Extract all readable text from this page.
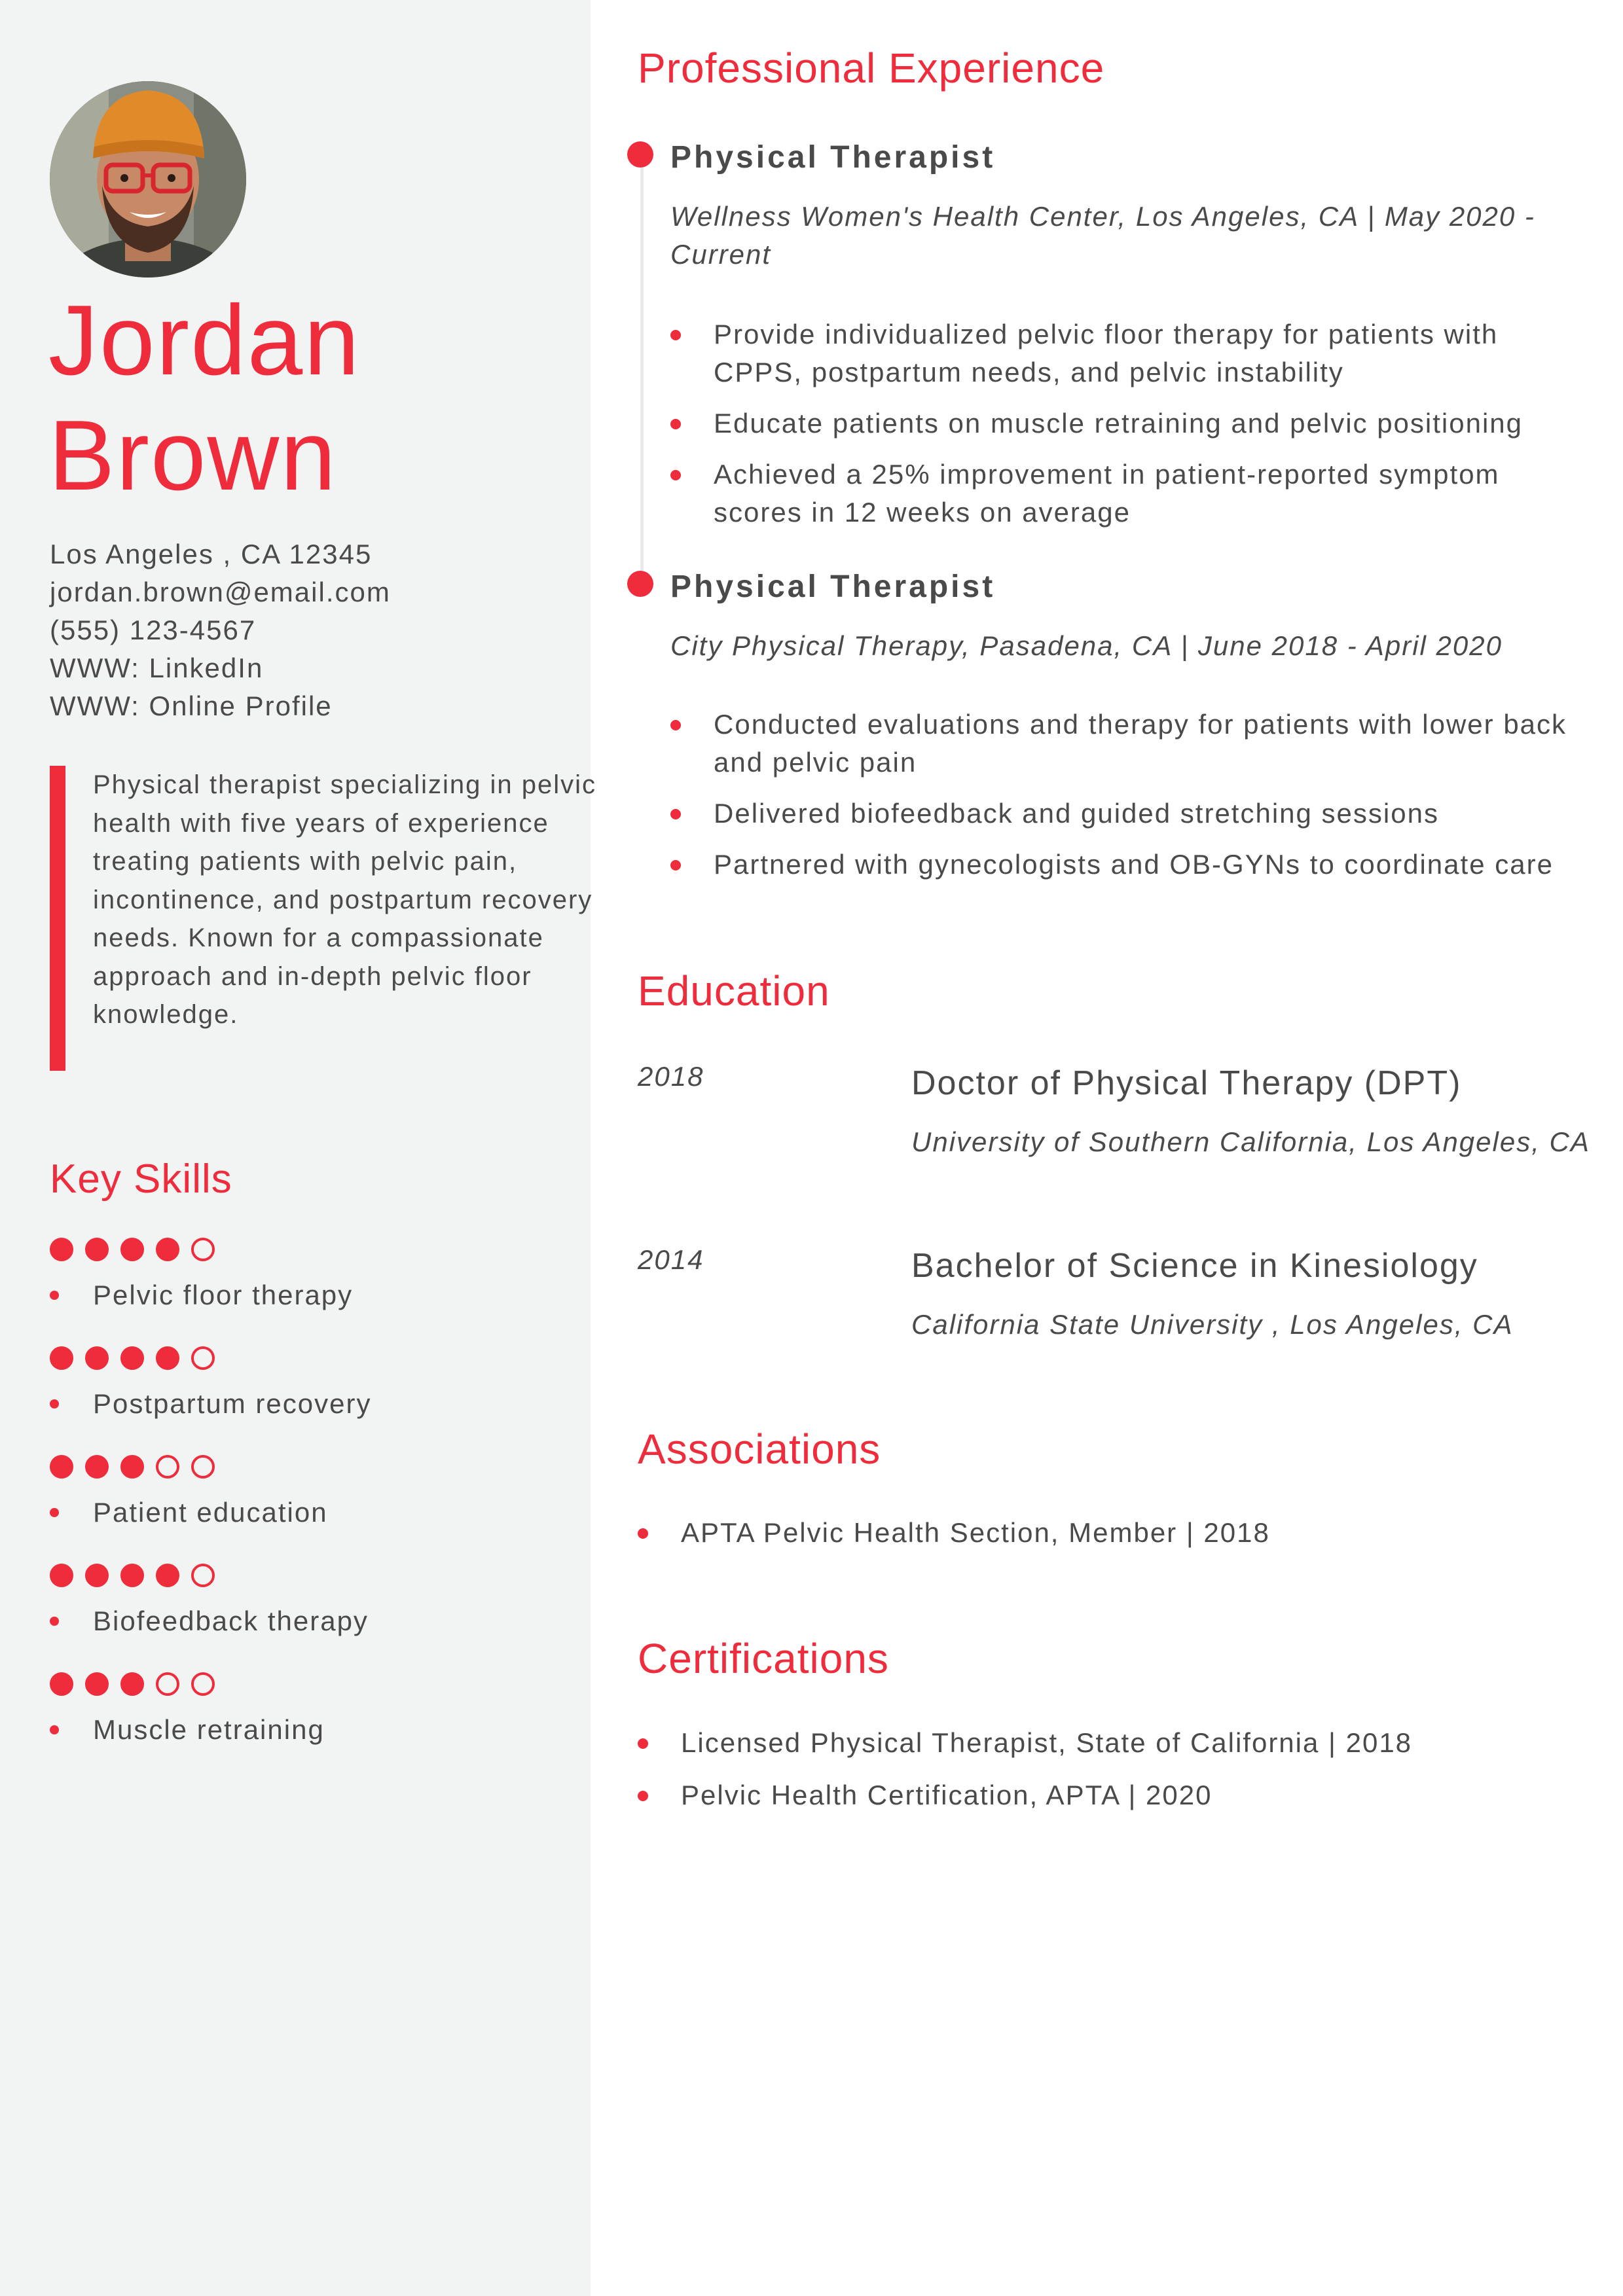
Jordan
Brown
Los Angeles , CA 12345
jordan.brown@email.com
(555) 123-4567
WWW: LinkedIn
WWW: Online Profile
Physical therapist specializing in pelvic health with five years of experience treating patients with pelvic pain, incontinence, and postpartum recovery needs. Known for a compassionate approach and in-depth pelvic floor knowledge.
Key Skills
Pelvic floor therapy
Postpartum recovery
Patient education
Biofeedback therapy
Muscle retraining
Professional Experience
Physical Therapist
Wellness Women's Health Center, Los Angeles, CA | May 2020 - Current
Provide individualized pelvic floor therapy for patients with CPPS, postpartum needs, and pelvic instability
Educate patients on muscle retraining and pelvic positioning
Achieved a 25% improvement in patient-reported symptom scores in 12 weeks on average
Physical Therapist
City Physical Therapy, Pasadena, CA | June 2018 - April 2020
Conducted evaluations and therapy for patients with lower back and pelvic pain
Delivered biofeedback and guided stretching sessions
Partnered with gynecologists and OB-GYNs to coordinate care
Education
2018	Doctor of Physical Therapy (DPT)
University of Southern California, Los Angeles, CA
2014	Bachelor of Science in Kinesiology
California State University , Los Angeles, CA
Associations
APTA Pelvic Health Section, Member | 2018
Certifications
Licensed Physical Therapist, State of California | 2018
Pelvic Health Certification, APTA | 2020
